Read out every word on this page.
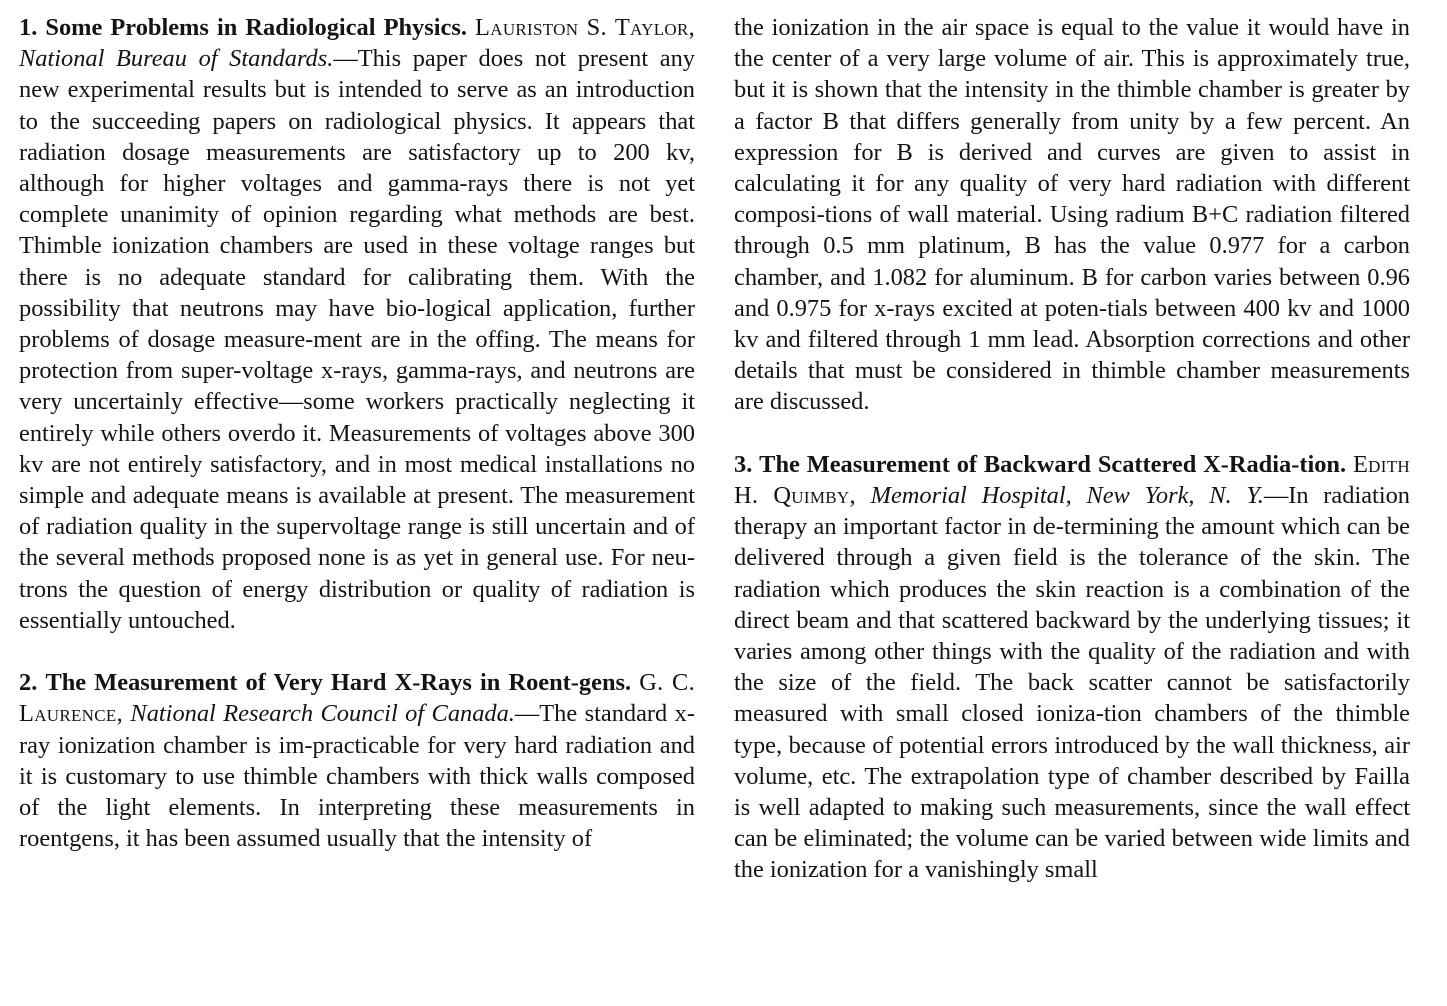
1. Some Problems in Radiological Physics. Lauriston S. Taylor, National Bureau of Standards.—This paper does not present any new experimental results but is intended to serve as an introduction to the succeeding papers on radiological physics. It appears that radiation dosage measurements are satisfactory up to 200 kv, although for higher voltages and gamma-rays there is not yet complete unanimity of opinion regarding what methods are best. Thimble ionization chambers are used in these voltage ranges but there is no adequate standard for calibrating them. With the possibility that neutrons may have bio-logical application, further problems of dosage measure-ment are in the offing. The means for protection from super-voltage x-rays, gamma-rays, and neutrons are very uncertainly effective—some workers practically neglecting it entirely while others overdo it. Measurements of voltages above 300 kv are not entirely satisfactory, and in most medical installations no simple and adequate means is available at present. The measurement of radiation quality in the supervoltage range is still uncertain and of the several methods proposed none is as yet in general use. For neu-trons the question of energy distribution or quality of radiation is essentially untouched.

2. The Measurement of Very Hard X-Rays in Roent-gens. G. C. Laurence, National Research Council of Canada.—The standard x-ray ionization chamber is im-practicable for very hard radiation and it is customary to use thimble chambers with thick walls composed of the light elements. In interpreting these measurements in roentgens, it has been assumed usually that the intensity of

the ionization in the air space is equal to the value it would have in the center of a very large volume of air. This is approximately true, but it is shown that the intensity in the thimble chamber is greater by a factor B that differs generally from unity by a few percent. An expression for B is derived and curves are given to assist in calculating it for any quality of very hard radiation with different composi-tions of wall material. Using radium B+C radiation filtered through 0.5 mm platinum, B has the value 0.977 for a carbon chamber, and 1.082 for aluminum. B for carbon varies between 0.96 and 0.975 for x-rays excited at poten-tials between 400 kv and 1000 kv and filtered through 1 mm lead. Absorption corrections and other details that must be considered in thimble chamber measurements are discussed.

3. The Measurement of Backward Scattered X-Radia-tion. Edith H. Quimby, Memorial Hospital, New York, N. Y.—In radiation therapy an important factor in de-termining the amount which can be delivered through a given field is the tolerance of the skin. The radiation which produces the skin reaction is a combination of the direct beam and that scattered backward by the underlying tissues; it varies among other things with the quality of the radiation and with the size of the field. The back scatter cannot be satisfactorily measured with small closed ioniza-tion chambers of the thimble type, because of potential errors introduced by the wall thickness, air volume, etc. The extrapolation type of chamber described by Failla is well adapted to making such measurements, since the wall effect can be eliminated; the volume can be varied between wide limits and the ionization for a vanishingly small
